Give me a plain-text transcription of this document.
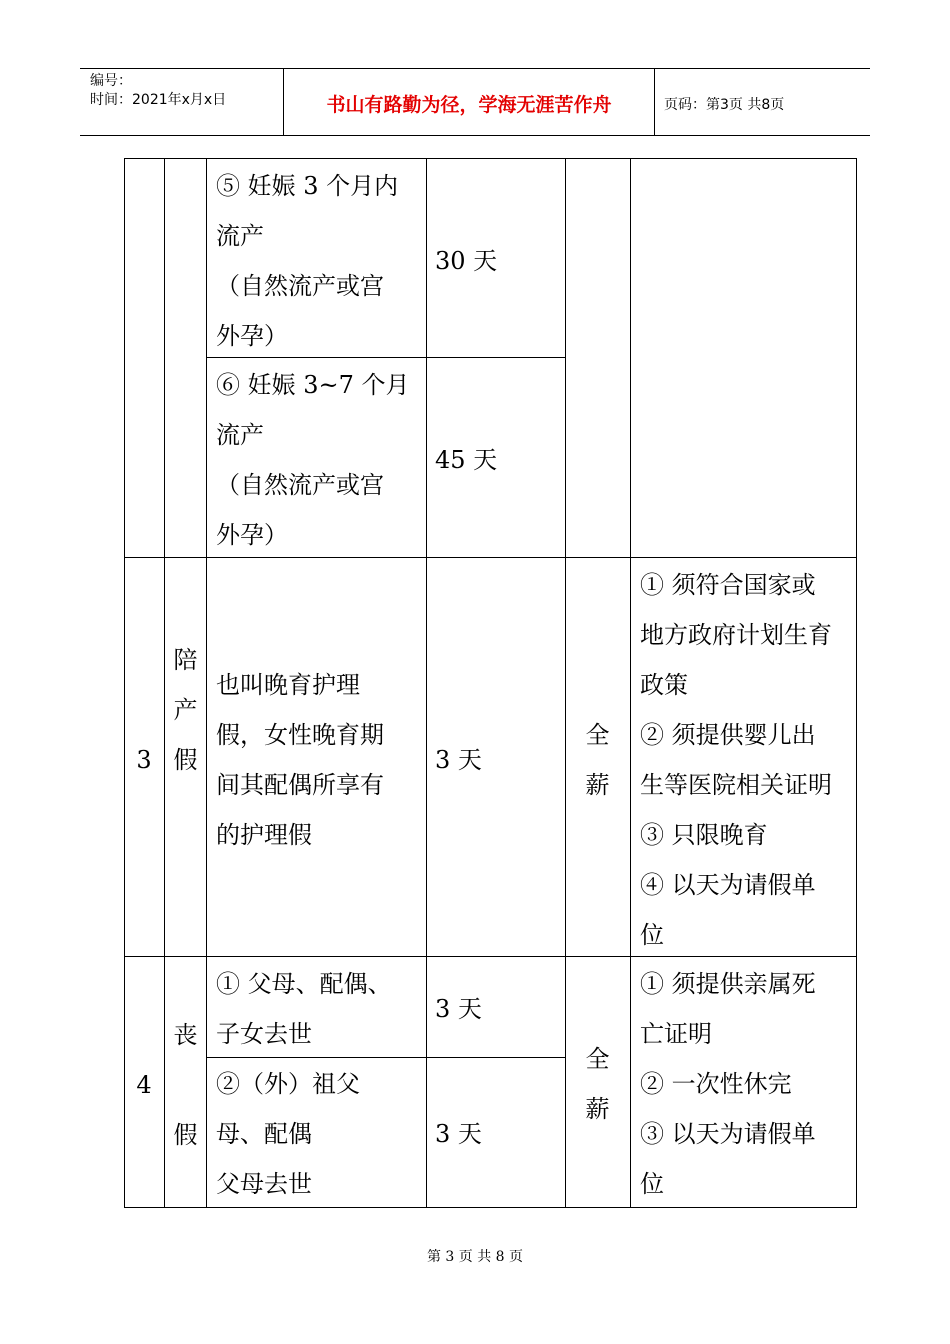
编号：
时间：2021年x月x日	书山有路勤为径，学海无涯苦作舟	页码：第3页 共8页
⑤ 妊娠 3 个月内
流产
（自然流产或宫
外孕）
30 天
⑥ 妊娠 3~7 个月
流产
（自然流产或宫
外孕）
45 天
3
陪
产
假
也叫晚育护理
假，女性晚育期
间其配偶所享有
的护理假
3 天
全
薪
① 须符合国家或
地方政府计划生育
政策
② 须提供婴儿出
生等医院相关证明
③ 只限晚育
④ 以天为请假单
位
4
丧
假
① 父母、配偶、
子女去世
3 天
②（外）祖父
母、配偶
父母去世
3 天
全
薪
① 须提供亲属死
亡证明
② 一次性休完
③ 以天为请假单
位
第 3 页 共 8 页
